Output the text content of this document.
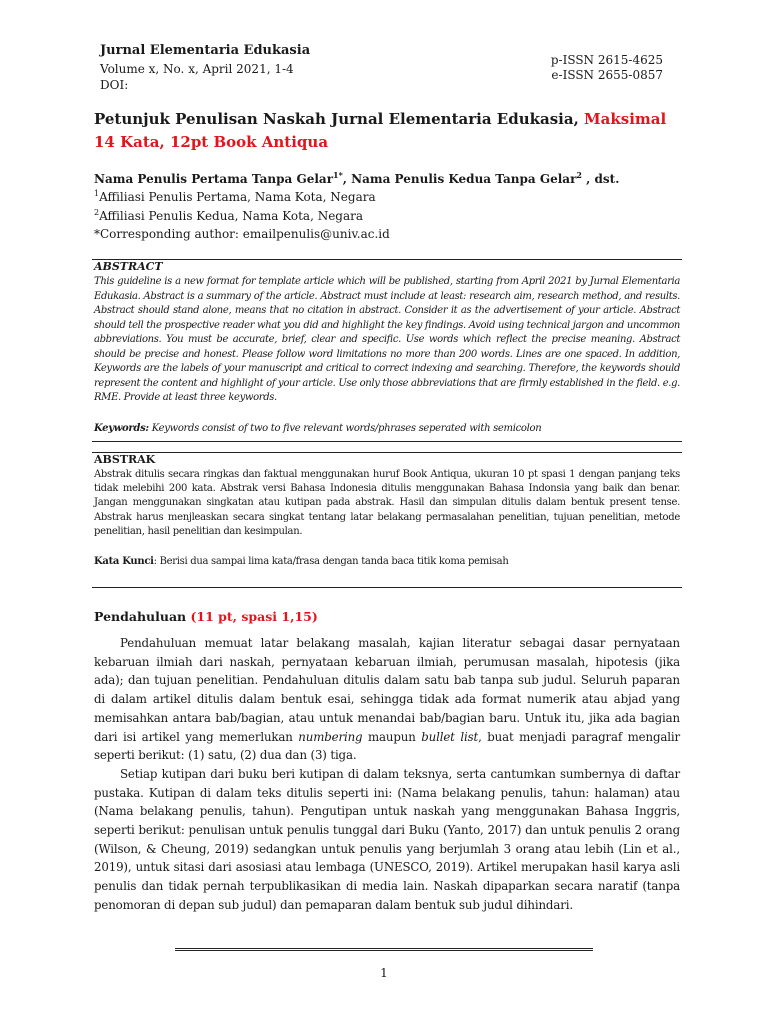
Jurnal Elementaria Edukasia
Volume x, No. x, April 2021, 1-4
DOI:
p-ISSN 2615-4625
e-ISSN 2655-0857
Petunjuk Penulisan Naskah Jurnal Elementaria Edukasia, Maksimal 14 Kata, 12pt Book Antiqua
Nama Penulis Pertama Tanpa Gelar$^{1*}$, Nama Penulis Kedua Tanpa Gelar$^2$ , dst.
$^1$Affiliasi Penulis Pertama, Nama Kota, Negara
$^2$Affiliasi Penulis Kedua, Nama Kota, Negara
*Corresponding author: emailpenulis@univ.ac.id
ABSTRACT
This guideline is a new format for template article which will be published, starting from April 2021 by Jurnal Elementaria Edukasia. Abstract is a summary of the article. Abstract must include at least: research aim, research method, and results. Abstract should stand alone, means that no citation in abstract. Consider it as the advertisement of your article. Abstract should tell the prospective reader what you did and highlight the key findings. Avoid using technical jargon and uncommon abbreviations. You must be accurate, brief, clear and specific. Use words which reflect the precise meaning. Abstract should be precise and honest. Please follow word limitations no more than 200 words. Lines are one spaced. In addition, Keywords are the labels of your manuscript and critical to correct indexing and searching. Therefore, the keywords should represent the content and highlight of your article. Use only those abbreviations that are firmly established in the field. e.g. RME. Provide at least three keywords.
Keywords: Keywords consist of two to five relevant words/phrases seperated with semicolon
ABSTRAK
Abstrak ditulis secara ringkas dan faktual menggunakan huruf Book Antiqua, ukuran 10 pt spasi 1 dengan panjang teks tidak melebihi 200 kata. Abstrak versi Bahasa Indonesia ditulis menggunakan Bahasa Indonsia yang baik dan benar. Jangan menggunakan singkatan atau kutipan pada abstrak. Hasil dan simpulan ditulis dalam bentuk present tense. Abstrak harus menjleaskan secara singkat tentang latar belakang permasalahan penelitian, tujuan penelitian, metode penelitian, hasil penelitian dan kesimpulan.
Kata Kunci: Berisi dua sampai lima kata/frasa dengan tanda baca titik koma pemisah
Pendahuluan (11 pt, spasi 1,15)

Pendahuluan memuat latar belakang masalah, kajian literatur sebagai dasar pernyataan kebaruan ilmiah dari naskah, pernyataan kebaruan ilmiah, perumusan masalah, hipotesis (jika ada); dan tujuan penelitian. Pendahuluan ditulis dalam satu bab tanpa sub judul. Seluruh paparan di dalam artikel ditulis dalam bentuk esai, sehingga tidak ada format numerik atau abjad yang memisahkan antara bab/bagian, atau untuk menandai bab/bagian baru. Untuk itu, jika ada bagian dari isi artikel yang memerlukan numbering maupun bullet list, buat menjadi paragraf mengalir seperti berikut: (1) satu, (2) dua dan (3) tiga.

Setiap kutipan dari buku beri kutipan di dalam teksnya, serta cantumkan sumbernya di daftar pustaka. Kutipan di dalam teks ditulis seperti ini: (Nama belakang penulis, tahun: halaman) atau (Nama belakang penulis, tahun). Pengutipan untuk naskah yang menggunakan Bahasa Inggris, seperti berikut: penulisan untuk penulis tunggal dari Buku (Yanto, 2017) dan untuk penulis 2 orang (Wilson, & Cheung, 2019) sedangkan untuk penulis yang berjumlah 3 orang atau lebih (Lin et al., 2019), untuk sitasi dari asosiasi atau lembaga (UNESCO, 2019). Artikel merupakan hasil karya asli penulis dan tidak pernah terpublikasikan di media lain. Naskah dipaparkan secara naratif (tanpa penomoran di depan sub judul) dan pemaparan dalam bentuk sub judul dihindari.

1
